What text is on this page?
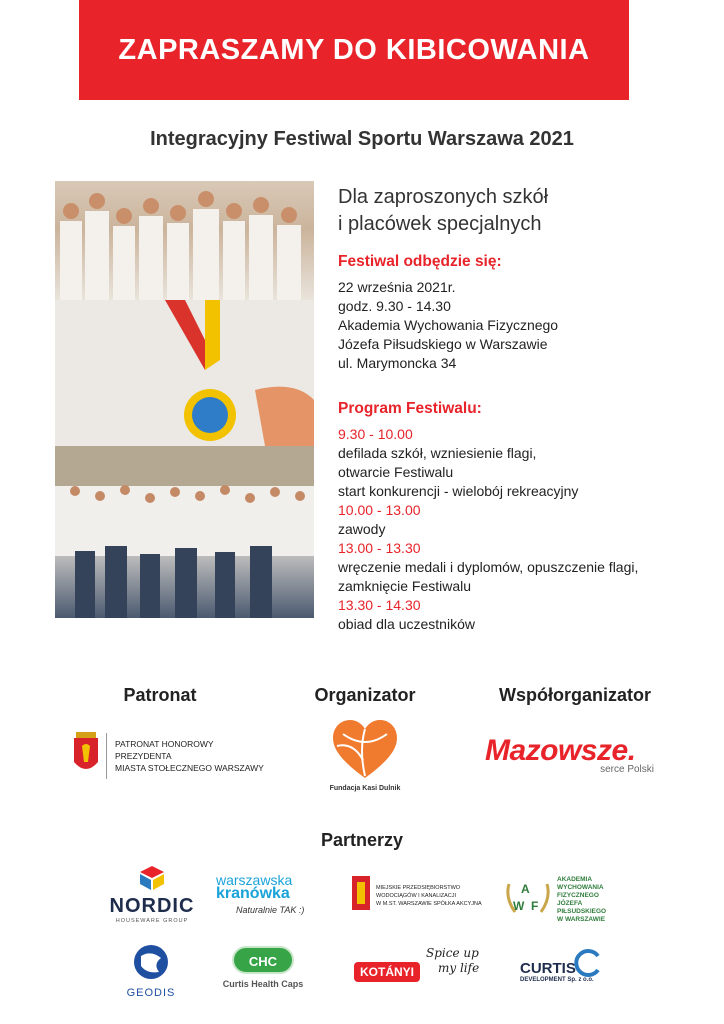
ZAPRASZAMY DO KIBICOWANIA
Integracyjny Festiwal Sportu Warszawa 2021
Dla zaproszonych szkół
i placówek specjalnych
Festiwal odbędzie się:
22 września 2021r.
godz. 9.30 - 14.30
Akademia Wychowania Fizycznego
Józefa Piłsudskiego w Warszawie
ul. Marymoncka 34
Program Festiwalu:
9.30 - 10.00
defilada szkół, wzniesienie flagi,
otwarcie Festiwalu
start konkurencji - wielobój rekreacyjny
10.00 - 13.00
zawody
13.00 - 13.30
wręczenie medali i dyplomów, opuszczenie flagi,
zamknięcie Festiwalu
13.30 - 14.30
obiad dla uczestników
Patronat	Organizator	Współorganizator
PATRONAT HONOROWY PREZYDENTA
MIASTA STOŁECZNEGO WARSZAWY
Fundacja Kasi Dulnik
Mazowsze.
serce Polski
Partnerzy
NORDIC
HOUSEWARE GROUP
warszawska
kranówka
Naturalnie TAK :)
MIEJSKIE PRZEDSIĘBIORSTWO
WODOCIĄGÓW I KANALIZACJI
W M.ST. WARSZAWIE SPÓŁKA AKCYJNA
A
W F
AKADEMIA
WYCHOWANIA
FIZYCZNEGO
JÓZEFA PIŁSUDSKIEGO
W WARSZAWIE
GEODIS
CHC
Curtis Health Caps
KOTÁNYI
Spice up
my life	CURTIS
DEVELOPMENT Sp. z o.o.
